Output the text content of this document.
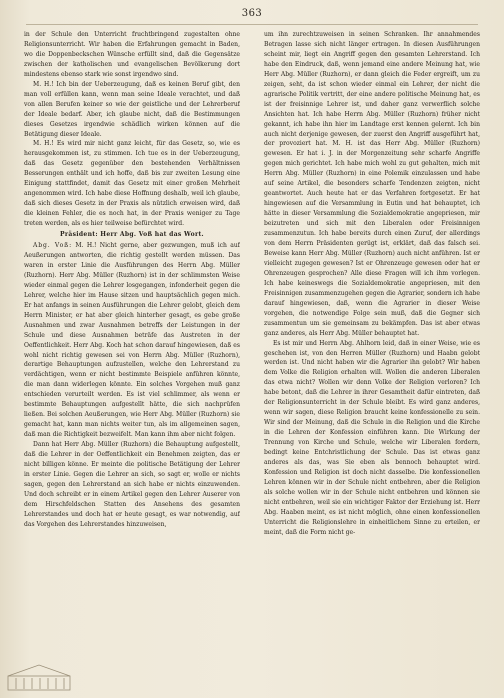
363

in der Schule den Unterricht fruchtbringend zugestalten ohne Religionsunterricht. Wir haben die Erfahrungen gemacht in Baden, wo die Doppenbeckschen Wünsche erfüllt sind, daß die Gegensätze zwischen der katholischen und evangelischen Bevölkerung dort mindestens ebenso stark wie sonst irgendwo sind.

M. H.! Ich bin der Ueberzeugung, daß es keinen Beruf gibt, den man voll erfüllen kann, wenn man seine Ideale verachtet, und daß von allen Berufen keiner so wie der geistliche und der Lehrerberuf der Ideale bedarf. Aber, ich glaube nicht, daß die Bestimmungen dieses Gesetzes irgendwie schädlich wirken können auf die Betätigung dieser Ideale.

M. H.! Es wird mir nicht ganz leicht, für das Gesetz, so, wie es herausgekommen ist, zu stimmen. Ich tue es in der Ueberzeugung, daß das Gesetz gegenüber den bestehenden Verhältnissen Besserungen enthält und ich hoffe, daß bis zur zweiten Lesung eine Einigung stattfindet, damit das Gesetz mit einer großen Mehrheit angenommen wird. Ich habe diese Hoffnung deshalb, weil ich glaube, daß sich dieses Gesetz in der Praxis als nützlich erweisen wird, daß die kleinen Fehler, die es noch hat, in der Praxis weniger zu Tage treten werden, als es hier teilweise befürchtet wird.

Präsident: Herr Abg. Voß hat das Wort.

Abg. Voß: M. H.! Nicht gerne, aber gezwungen, muß ich auf Aeußerungen antworten, die richtig gestellt werden müssen. Das waren in erster Linie die Ausführungen des Herrn Abg. Müller (Ruzhorn). Herr Abg. Müller (Ruzhorn) ist in der schlimmsten Weise wieder einmal gegen die Lehrer losgegangen, infonderheit gegen die Lehrer, welche hier im Hause sitzen und hauptsächlich gegen mich. Er hat anfangs in seinen Ausführungen die Lehrer gelobt, gleich dem Herrn Minister, er hat aber gleich hinterher gesagt, es gebe große Ausnahmen und zwar Ausnahmen betreffs der Leistungen in der Schule und diese Ausnahmen beträfe das Austreten in der Oeffentlichkeit. Herr Abg. Koch hat schon darauf hingewiesen, daß es wohl nicht richtig gewesen sei von Herrn Abg. Müller (Ruzhorn), derartige Behauptungen aufzustellen, welche den Lehrerstand zu verdächtigen, wenn er nicht bestimmte Beispiele anführen könnte, die man dann widerlegen könnte. Ein solches Vorgehen muß ganz entschieden verurteilt werden. Es ist viel schlimmer, als wenn er bestimmte Behauptungen aufgestellt hätte, die sich nachprüfen ließen. Bei solchen Aeußerungen, wie Herr Abg. Müller (Ruzhorn) sie gemacht hat, kann man nichts weiter tun, als im allgemeinen sagen, daß man die Richtigkeit bezweifelt. Man kann ihm aber nicht folgen.

Dann hat Herr Abg. Müller (Ruzhorn) die Behauptung aufgestellt, daß die Lehrer in der Oeffentlichkeit ein Benehmen zeigten, das er nicht billigen könne. Er meinte die politische Betätigung der Lehrer in erster Linie. Gegen die Lehrer an sich, so sagt er, wolle er nichts sagen, gegen den Lehrerstand an sich habe er nichts einzuwenden. Und doch schreibt er in einem Artikel gegen den Lehrer Auserer von dem Hirschfeldschen Statten des Ansehens des gesamten Lehrerstandes und doch hat er heute gesagt, es war notwendig, auf das Vorgehen des Lehrerstandes hinzuweisen,

um ihn zurechtzuweisen in seinen Schranken. Ihr annahmendes Betragen lasse sich nicht länger ertragen. In diesen Ausführungen scheint mir, liegt ein Angriff gegen den gesamten Lehrerstand. Ich habe den Eindruck, daß, wenn jemand eine andere Meinung hat, wie Herr Abg. Müller (Ruzhorn), er dann gleich die Feder ergreift, um zu zeigen, seht, da ist schon wieder einmal ein Lehrer, der nicht die agrarische Politik vertritt, der eine andere politische Meinung hat, es ist der freisinnige Lehrer ist, und daher ganz verwerflich solche Ansichten hat. Ich habe Herrn Abg. Müller (Ruzhorn) früher nicht gekannt, ich habe ihn hier im Landtage erst kennen gelernt. Ich bin auch nicht derjenige gewesen, der zuerst den Angriff ausgeführt hat, der provoziert hat. M. H. ist das Herr Abg. Müller (Ruzhorn) gewesen. Er hat i. J. in der Morgenzeitung sehr scharfe Angriffe gegen mich gerichtet. Ich habe mich wohl zu gut gehalten, mich mit Herrn Abg. Müller (Ruzhorn) in eine Polemik einzulassen und habe auf seine Artikel, die besonders scharfe Tendenzen zeigten, nicht geantwortet. Auch heute hat er das Verfahren fortgesetzt. Er hat hingewiesen auf die Versammlung in Eutin und hat behauptet, ich hätte in dieser Versammlung die Sozialdemokratie angepriesen, mir beizutreten und sich mit den Liberalen oder Freisinnigen zusammenzutun. Ich habe bereits durch einen Zuruf, der allerdings von dem Herrn Präsidenten gerügt ist, erklärt, daß das falsch sei. Beweise kann Herr Abg. Müller (Ruzhorn) auch nicht anführen. Ist er vielleicht zugegen gewesen? Ist er Ohrenzeuge gewesen oder hat er Ohrenzeugen gesprochen? Alle diese Fragen will ich ihm vorlegen. Ich habe keineswegs die Sozialdemokratie angepriesen, mit den Freisinnigen zusammenzugehen gegen die Agrarier, sondern ich habe darauf hingewiesen, daß, wenn die Agrarier in dieser Weise vorgehen, die notwendige Folge sein muß, daß die Gegner sich zusammentun um sie gemeinsam zu bekämpfen. Das ist aber etwas ganz anderes, als Herr Abg. Müller behauptet hat.

Es ist mir und Herrn Abg. Ahlhorn leid, daß in einer Weise, wie es geschehen ist, von den Herren Müller (Ruzhorn) und Haabn gelobt werden ist. Und nicht haben wir die Agrarier ihn gelobt? Wir haben dem Volke die Religion erhalten will. Wollen die anderen Liberalen das etwa nicht? Wollen wir denn Volke der Religion verloren? Ich habe betont, daß die Lehrer in ihrer Gesamtheit dafür eintreten, daß der Religionsunterricht in der Schule bleibt. Es wird ganz anderes, wenn wir sagen, diese Religion braucht keine konfessionelle zu sein. Wir sind der Meinung, daß die Schule in die Religion und die Kirche in die Lehren der Konfession einführen kann. Die Wirkung der Trennung von Kirche und Schule, welche wir Liberalen fordern, bedingt keine Entchristlichung der Schule. Das ist etwas ganz anderes als das, was Sie eben als bennoch behauptet wird. Konfession und Religion ist doch nicht dasselbe. Die konfessionellen Lehren können wir in der Schule nicht entbehren, aber die Religion als solche wollen wir in der Schule nicht entbehren und können sie nicht entbehren, weil sie ein wichtiger Faktor der Erziehung ist. Herr Abg. Haaben meint, es ist nicht möglich, ohne einen konfessionellen Unterricht die Religionslehre in einheitlichem Sinne zu erteilen, er meint, daß die Form nicht ge-
